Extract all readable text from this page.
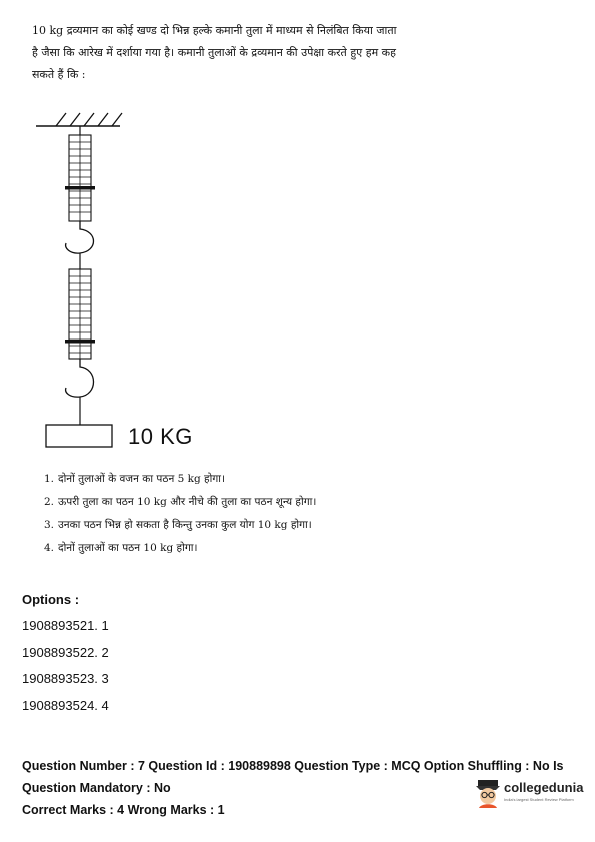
10 kg द्रव्यमान का कोई खण्ड दो भिन्न हल्के कमानी तुला में माध्यम से निलंबित किया जाता
है जैसा कि आरेख में दर्शाया गया है। कमानी तुलाओं के द्रव्यमान की उपेक्षा करते हुए हम कह
सकते हैं कि :
10 KG
1. दोनों तुलाओं के वजन का पठन 5 kg होगा।
2. ऊपरी तुला का पठन 10 kg और नीचे की तुला का पठन शून्य होगा।
3. उनका पठन भिन्न हो सकता है किन्तु उनका कुल योग 10 kg होगा।
4. दोनों तुलाओं का पठन 10 kg होगा।
Options :
1908893521. 1
1908893522. 2
1908893523. 3
1908893524. 4
Question Number : 7 Question Id : 190889898 Question Type : MCQ Option Shuffling : No Is
Question Mandatory : No
Correct Marks : 4 Wrong Marks : 1
collegedunia
India's largest Student Review Platform
